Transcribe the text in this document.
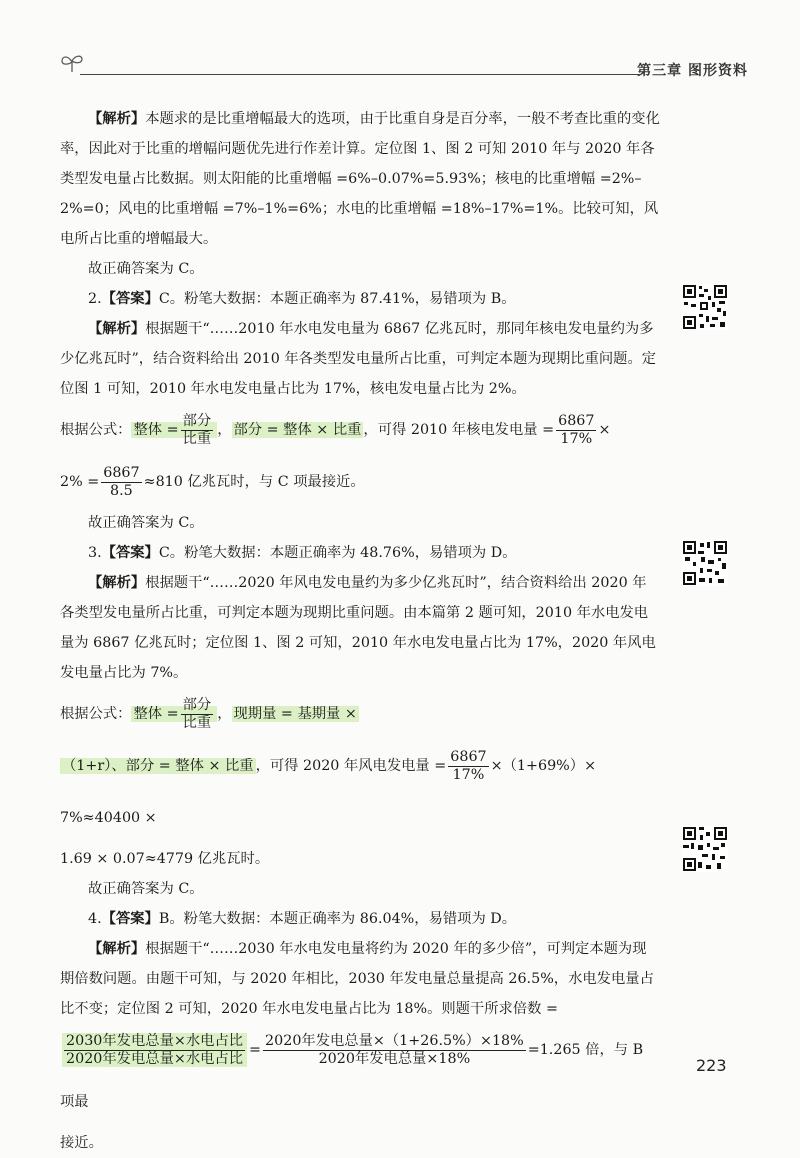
第三章 图形资料

【解析】本题求的是比重增幅最大的选项，由于比重自身是百分率，一般不考查比重的变化率，因此对于比重的增幅问题优先进行作差计算。定位图 1、图 2 可知 2010 年与 2020 年各类型发电量占比数据。则太阳能的比重增幅 =6%–0.07%=5.93%；核电的比重增幅 =2%–2%=0；风电的比重增幅 =7%–1%=6%；水电的比重增幅 =18%–17%=1%。比较可知，风电所占比重的增幅最大。

故正确答案为 C。

2.【答案】C。粉笔大数据：本题正确率为 87.41%，易错项为 B。

【解析】根据题干“……2010 年水电发电量为 6867 亿兆瓦时，那同年核电发电量约为多少亿兆瓦时”，结合资料给出 2010 年各类型发电量所占比重，可判定本题为现期比重问题。定位图 1 可知，2010 年水电发电量占比为 17%，核电发电量占比为 2%。

根据公式： 整体 = $\frac{\text{部分}}{\text{比重}}$ ， 部分 = 整体 × 比重 ，可得 2010 年核电发电量 = $\frac{6867}{17\%}$ ×

$2\% = \frac{6867}{8.5} \approx 810$ 亿兆瓦时，与 C 项最接近。

故正确答案为 C。

3.【答案】C。粉笔大数据：本题正确率为 48.76%，易错项为 D。

【解析】根据题干“……2020 年风电发电量约为多少亿兆瓦时”，结合资料给出 2020 年各类型发电量所占比重，可判定本题为现期比重问题。由本篇第 2 题可知，2010 年水电发电量为 6867 亿兆瓦时；定位图 1、图 2 可知，2010 年水电发电量占比为 17%，2020 年风电发电量占比为 7%。

根据公式： 整体 = $\frac{\text{部分}}{\text{比重}}$ ， 现期量 = 基期量 ×

（1+r）、部分 = 整体 × 比重 ，可得 2020 年风电发电量 = $\frac{6867}{17\%} \times(1+69\%)\times 7\%\approx 40400$ ×

1.69 × 0.07≈4779 亿兆瓦时。

故正确答案为 C。

4.【答案】B。粉笔大数据：本题正确率为 86.04%，易错项为 D。

【解析】根据题干“……2030 年水电发电量将约为 2020 年的多少倍”，可判定本题为现期倍数问题。由题干可知，与 2020 年相比，2030 年发电量总量提高 26.5%，水电发电量占比不变；定位图 2 可知，2020 年水电发电量占比为 18%。则题干所求倍数 =

$\frac{\text{2030年发电总量×水电占比}}{\text{2020年发电总量×水电占比}} = \frac{\text{2020年发电总量×（1+26.5\%）×18\%}}{\text{2020年发电总量×18\%}} =1.265$ 倍，与 B 项最

接近。

223
